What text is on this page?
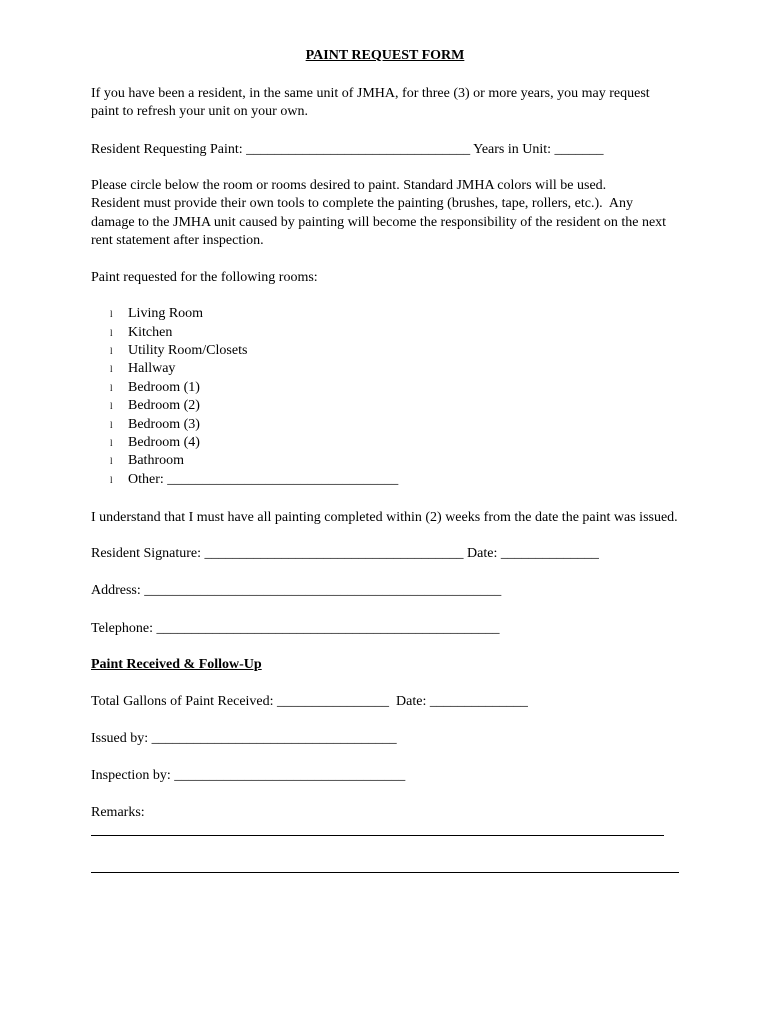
PAINT REQUEST FORM
If you have been a resident, in the same unit of JMHA, for three (3) or more years, you may request
paint to refresh your unit on your own.
Resident Requesting Paint: ________________________________ Years in Unit: _______
Please circle below the room or rooms desired to paint. Standard JMHA colors will be used.
Resident must provide their own tools to complete the painting (brushes, tape, rollers, etc.).  Any
damage to the JMHA unit caused by painting will become the responsibility of the resident on the next
rent statement after inspection.
Paint requested for the following rooms:
l	Living Room
l	Kitchen
l	Utility Room/Closets
l	Hallway
l	Bedroom (1)
l	Bedroom (2)
l	Bedroom (3)
l	Bedroom (4)
l	Bathroom
l	Other: _________________________________
I understand that I must have all painting completed within (2) weeks from the date the paint was issued.
Resident Signature: _____________________________________ Date: ______________
Address: ___________________________________________________
Telephone: _________________________________________________
Paint Received & Follow-Up
Total Gallons of Paint Received: ________________  Date: ______________
Issued by: ___________________________________
Inspection by: _________________________________
Remarks:
